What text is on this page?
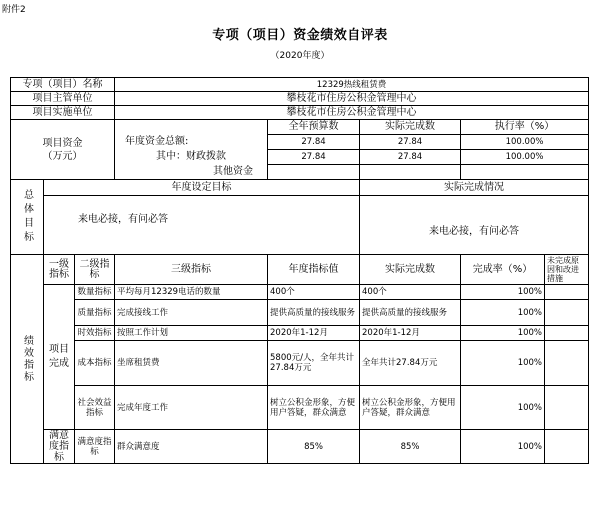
附件2
专项（项目）资金绩效自评表
（2020年度）
专项（项目）名称			12329热线租赁费				
项目主管单位			攀枝花市住房公积金管理中心				
项目实施单位			攀枝花市住房公积金管理中心				
项目资金
（万元）				全年预算数	实际完成数	执行率（%）	
			年度资金总额:	27.84	27.84	100.00%	
			其中：财政拨款	27.84	27.84	100.00%	
			其他资金				
总体目标	年度设定目标				实际完成情况		
	来电必接，有问必答				来电必接，有问必答		
绩效指标	一级指标	二级指标	三级指标	年度指标值	实际完成数	完成率（%）	未完成原因和改进措施
	项目完成	数量指标	平均每月12329电话的数量	400个	400个	100%	
		质量指标	完成接线工作	提供高质量的接线服务	提供高质量的接线服务	100%	
		时效指标	按照工作计划	2020年1-12月	2020年1-12月	100%	
		成本指标	坐席租赁费	5800元/人，全年共计27.84万元	全年共计27.84万元	100%	
		社会效益指标	完成年度工作	树立公积金形象，方便用户答疑，群众满意	树立公积金形象，方便用户答疑，群众满意	100%	
	满意度指标	满意度指标	群众满意度	85%	85%	100%	
